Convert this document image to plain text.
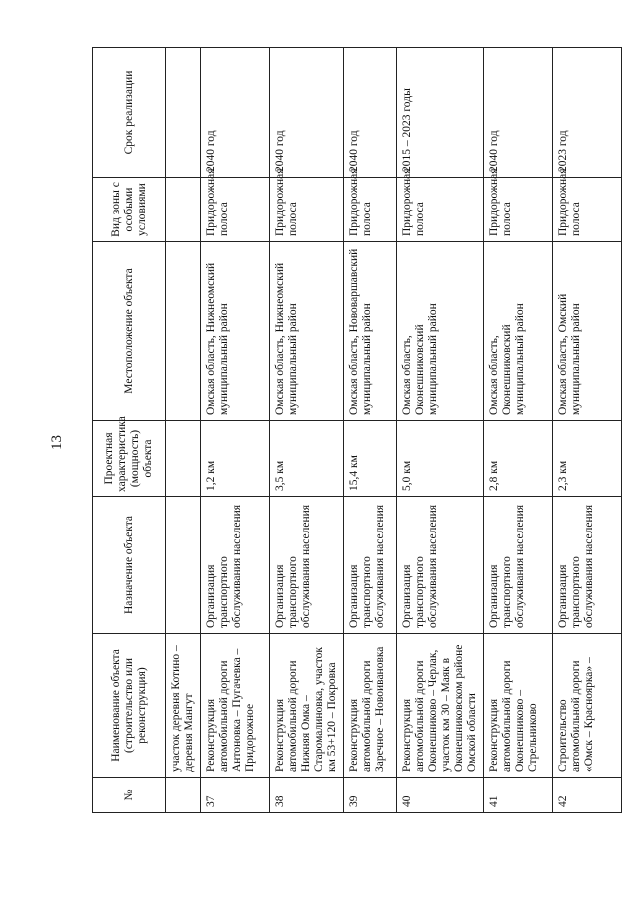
13
№	Наименование объекта (строительство или реконструкция)	Назначение объекта	Проектная характеристика (мощность) объекта	Местоположение объекта	Вид зоны с особыми условиями	Срок реализации
	участок деревня Котино – деревня Мангут					
37	Реконструкция автомобильной дороги Антоновка – Пугачевка – Придорожное	Организация транспортного обслуживания населения	1,2 км	Омская область, Нижнеомский муниципальный район	Придорожная полоса	2040 год
38	Реконструкция автомобильной дороги Нижняя Омка – Старомалиновка, участок км 53+120 – Покровка	Организация транспортного обслуживания населения	3,5 км	Омская область, Нижнеомский муниципальный район	Придорожная полоса	2040 год
39	Реконструкция автомобильной дороги Заречное – Новоивановка	Организация транспортного обслуживания населения	15,4 км	Омская область, Нововаршавский муниципальный район	Придорожная полоса	2040 год
40	Реконструкция автомобильной дороги Оконешниково – Черлак, участок км 30 – Маяк в Оконешниковском районе Омской области	Организация транспортного обслуживания населения	5,0 км	Омская область, Оконешниковский муниципальный район	Придорожная полоса	2015 – 2023 годы
41	Реконструкция автомобильной дороги Оконешниково – Стрельниково	Организация транспортного обслуживания населения	2,8 км	Омская область, Оконешниковский муниципальный район	Придорожная полоса	2040 год
42	Строительство автомобильной дороги «Омск – Красноярка» –	Организация транспортного обслуживания населения	2,3 км	Омская область, Омский муниципальный район	Придорожная полоса	2023 год
